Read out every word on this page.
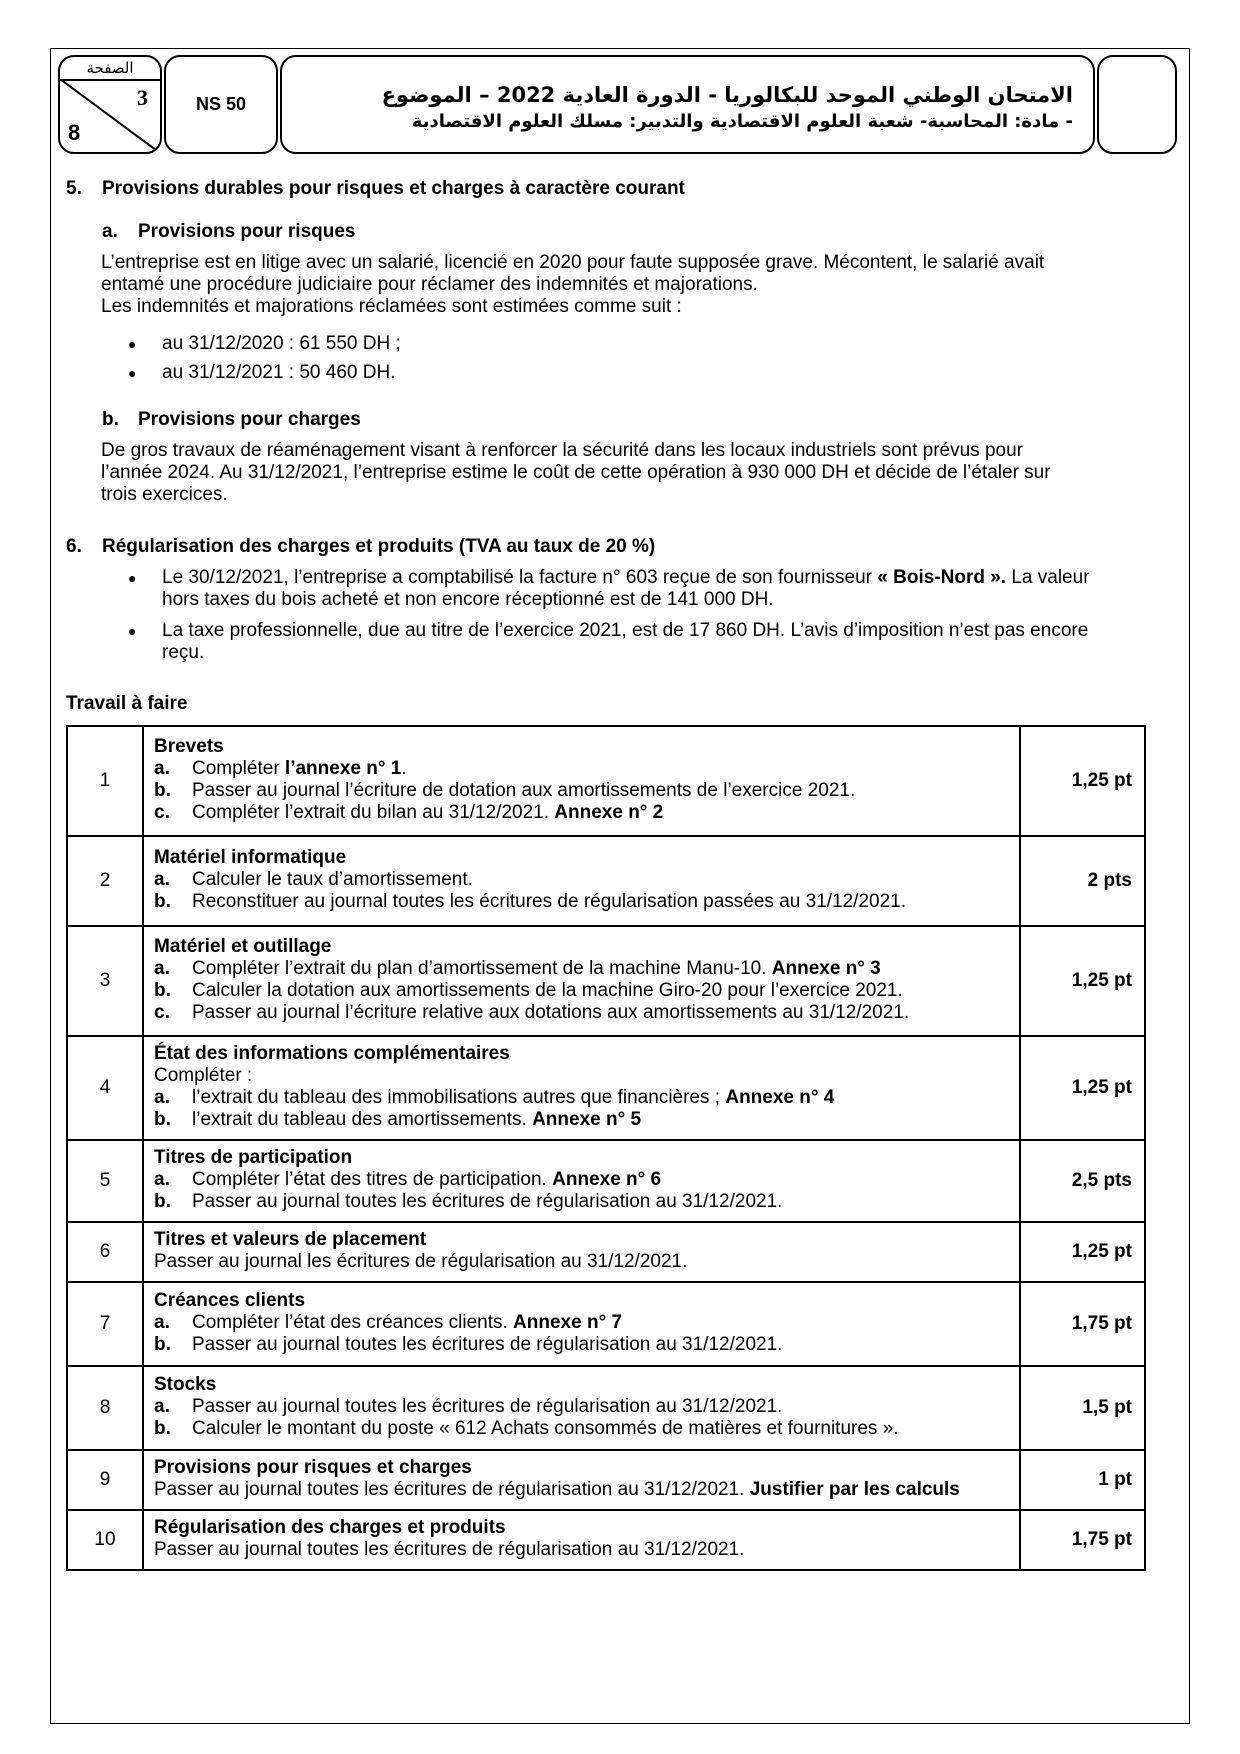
الصفحة
3
8
NS 50	الامتحان الوطني الموحد للبكالوريا - الدورة العادية 2022 – الموضوع
- مادة: المحاسبة- شعبة العلوم الاقتصادية والتدبير: مسلك العلوم الاقتصادية
5. Provisions durables pour risques et charges à caractère courant
a. Provisions pour risques
L’entreprise est en litige avec un salarié, licencié en 2020 pour faute supposée grave. Mécontent, le salarié avait
entamé une procédure judiciaire pour réclamer des indemnités et majorations.
Les indemnités et majorations réclamées sont estimées comme suit :
● au 31/12/2020 : 61 550 DH ;
● au 31/12/2021 : 50 460 DH.
b. Provisions pour charges
De gros travaux de réaménagement visant à renforcer la sécurité dans les locaux industriels sont prévus pour
l’année 2024. Au 31/12/2021, l’entreprise estime le coût de cette opération à 930 000 DH et décide de l’étaler sur
trois exercices.
6. Régularisation des charges et produits (TVA au taux de 20 %)
● Le 30/12/2021, l’entreprise a comptabilisé la facture n° 603 reçue de son fournisseur « Bois-Nord ». La valeur
hors taxes du bois acheté et non encore réceptionné est de 141 000 DH.
● La taxe professionnelle, due au titre de l’exercice 2021, est de 17 860 DH. L’avis d’imposition n’est pas encore
reçu.
Travail à faire
1	Brevets
a. Compléter l’annexe n° 1.
b. Passer au journal l’écriture de dotation aux amortissements de l’exercice 2021.
c. Compléter l’extrait du bilan au 31/12/2021. Annexe n° 2	1,25 pt
2	Matériel informatique
a. Calculer le taux d’amortissement.
b. Reconstituer au journal toutes les écritures de régularisation passées au 31/12/2021.	2 pts
3	Matériel et outillage
a. Compléter l’extrait du plan d’amortissement de la machine Manu-10. Annexe n° 3
b. Calculer la dotation aux amortissements de la machine Giro-20 pour l’exercice 2021.
c. Passer au journal l’écriture relative aux dotations aux amortissements au 31/12/2021.	1,25 pt
4	État des informations complémentaires
Compléter :
a. l’extrait du tableau des immobilisations autres que financières ; Annexe n° 4
b. l’extrait du tableau des amortissements. Annexe n° 5	1,25 pt
5	Titres de participation
a. Compléter l’état des titres de participation. Annexe n° 6
b. Passer au journal toutes les écritures de régularisation au 31/12/2021.	2,5 pts
6	Titres et valeurs de placement
Passer au journal les écritures de régularisation au 31/12/2021.	1,25 pt
7	Créances clients
a. Compléter l’état des créances clients. Annexe n° 7
b. Passer au journal toutes les écritures de régularisation au 31/12/2021.	1,75 pt
8	Stocks
a. Passer au journal toutes les écritures de régularisation au 31/12/2021.
b. Calculer le montant du poste « 612 Achats consommés de matières et fournitures ».	1,5 pt
9	Provisions pour risques et charges
Passer au journal toutes les écritures de régularisation au 31/12/2021. Justifier par les calculs	1 pt
10	Régularisation des charges et produits
Passer au journal toutes les écritures de régularisation au 31/12/2021.	1,75 pt
